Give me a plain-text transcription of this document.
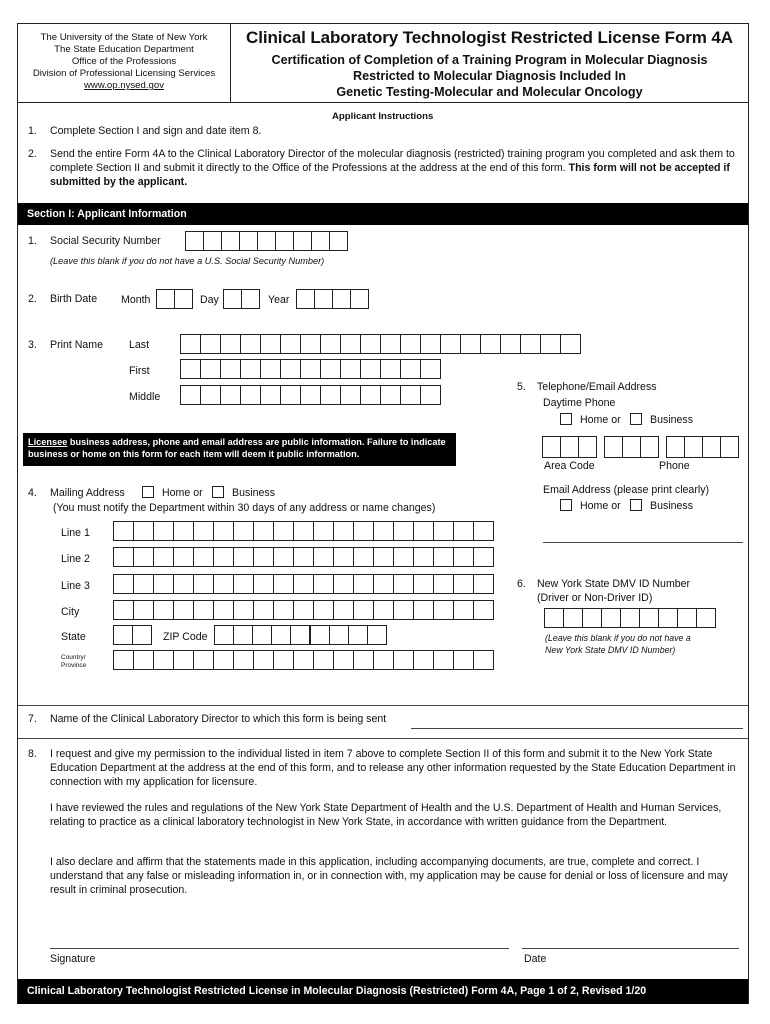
The University of the State of New York
The State Education Department
Office of the Professions
Division of Professional Licensing Services
www.op.nysed.gov
Clinical Laboratory Technologist Restricted License Form 4A
Certification of Completion of a Training Program in Molecular Diagnosis
Restricted to Molecular Diagnosis Included In
Genetic Testing-Molecular and Molecular Oncology
Applicant Instructions
1. Complete Section I and sign and date item 8.
2. Send the entire Form 4A to the Clinical Laboratory Director of the molecular diagnosis (restricted) training program you completed and ask them to complete Section II and submit it directly to the Office of the Professions at the address at the end of this form. This form will not be accepted if submitted by the applicant.
Section I: Applicant Information
1. Social Security Number
(Leave this blank if you do not have a U.S. Social Security Number)
2. Birth Date Month	Day	Year
3. Print Name Last
First
Middle
Licensee business address, phone and email address are public information. Failure to indicate business or home on this form for each item will deem it public information.
5. Telephone/Email Address
Daytime Phone
Home or	Business
Area Code	Phone
Email Address (please print clearly)
Home or	Business
4. Mailing Address	Home or	Business
(You must notify the Department within 30 days of any address or name changes)
Line 1
Line 2
Line 3
City
State	ZIP Code
Country/
Province
6. New York State DMV ID Number
(Driver or Non-Driver ID)
(Leave this blank if you do not have a
New York State DMV ID Number)
7. Name of the Clinical Laboratory Director to which this form is being sent
8. I request and give my permission to the individual listed in item 7 above to complete Section II of this form and submit it to the New York State Education Department at the address at the end of this form, and to release any other information requested by the State Education Department in connection with my application for licensure.
I have reviewed the rules and regulations of the New York State Department of Health and the U.S. Department of Health and Human Services, relating to practice as a clinical laboratory technologist in New York State, in accordance with written guidance from the Department.
I also declare and affirm that the statements made in this application, including accompanying documents, are true, complete and correct. I understand that any false or misleading information in, or in connection with, my application may be cause for denial or loss of licensure and may result in criminal prosecution.
Signature	Date
Clinical Laboratory Technologist Restricted License in Molecular Diagnosis (Restricted) Form 4A, Page 1 of 2, Revised 1/20
